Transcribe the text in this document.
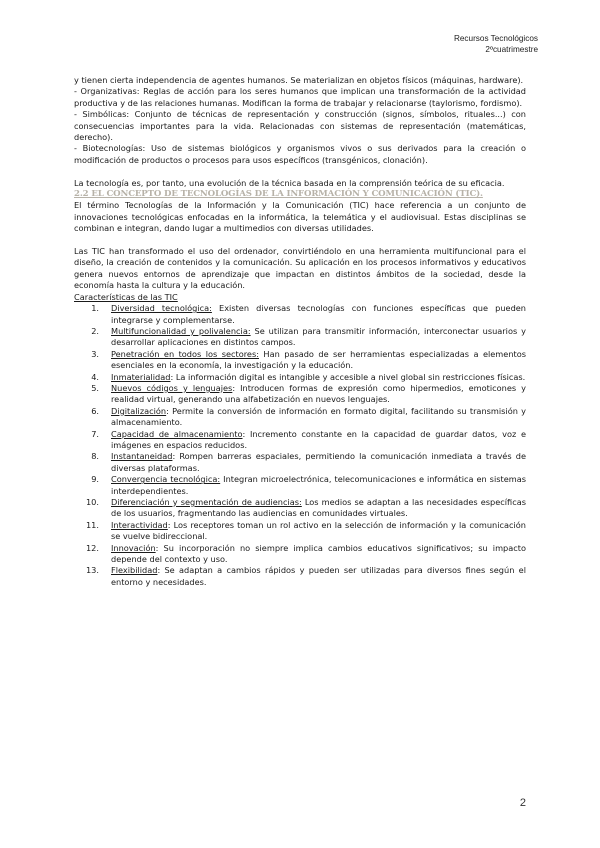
Recursos Tecnológicos
2ºcuatrimestre

y tienen cierta independencia de agentes humanos. Se materializan en objetos físicos (máquinas, hardware).

- Organizativas: Reglas de acción para los seres humanos que implican una transformación de la actividad productiva y de las relaciones humanas. Modifican la forma de trabajar y relacionarse (taylorismo, fordismo).

- Simbólicas: Conjunto de técnicas de representación y construcción (signos, símbolos, rituales...) con consecuencias importantes para la vida. Relacionadas con sistemas de representación (matemáticas, derecho).

- Biotecnologías: Uso de sistemas biológicos y organismos vivos o sus derivados para la creación o modificación de productos o procesos para usos específicos (transgénicos, clonación).

La tecnología es, por tanto, una evolución de la técnica basada en la comprensión teórica de su eficacia.

2.2 EL CONCEPTO DE TECNOLOGÍAS DE LA INFORMACIÓN Y COMUNICACIÓN (TIC).

El término Tecnologías de la Información y la Comunicación (TIC) hace referencia a un conjunto de innovaciones tecnológicas enfocadas en la informática, la telemática y el audiovisual. Estas disciplinas se combinan e integran, dando lugar a multimedios con diversas utilidades.

Las TIC han transformado el uso del ordenador, convirtiéndolo en una herramienta multifuncional para el diseño, la creación de contenidos y la comunicación. Su aplicación en los procesos informativos y educativos genera nuevos entornos de aprendizaje que impactan en distintos ámbitos de la sociedad, desde la economía hasta la cultura y la educación.

Características de las TIC

1. Diversidad tecnológica: Existen diversas tecnologías con funciones específicas que pueden integrarse y complementarse.
2. Multifuncionalidad y polivalencia: Se utilizan para transmitir información, interconectar usuarios y desarrollar aplicaciones en distintos campos.
3. Penetración en todos los sectores: Han pasado de ser herramientas especializadas a elementos esenciales en la economía, la investigación y la educación.
4. Inmaterialidad: La información digital es intangible y accesible a nivel global sin restricciones físicas.
5. Nuevos códigos y lenguajes: Introducen formas de expresión como hipermedios, emoticones y realidad virtual, generando una alfabetización en nuevos lenguajes.
6. Digitalización: Permite la conversión de información en formato digital, facilitando su transmisión y almacenamiento.
7. Capacidad de almacenamiento: Incremento constante en la capacidad de guardar datos, voz e imágenes en espacios reducidos.
8. Instantaneidad: Rompen barreras espaciales, permitiendo la comunicación inmediata a través de diversas plataformas.
9. Convergencia tecnológica: Integran microelectrónica, telecomunicaciones e informática en sistemas interdependientes.
10. Diferenciación y segmentación de audiencias: Los medios se adaptan a las necesidades específicas de los usuarios, fragmentando las audiencias en comunidades virtuales.
11. Interactividad: Los receptores toman un rol activo en la selección de información y la comunicación se vuelve bidireccional.
12. Innovación: Su incorporación no siempre implica cambios educativos significativos; su impacto depende del contexto y uso.
13. Flexibilidad: Se adaptan a cambios rápidos y pueden ser utilizadas para diversos fines según el entorno y necesidades.
2
